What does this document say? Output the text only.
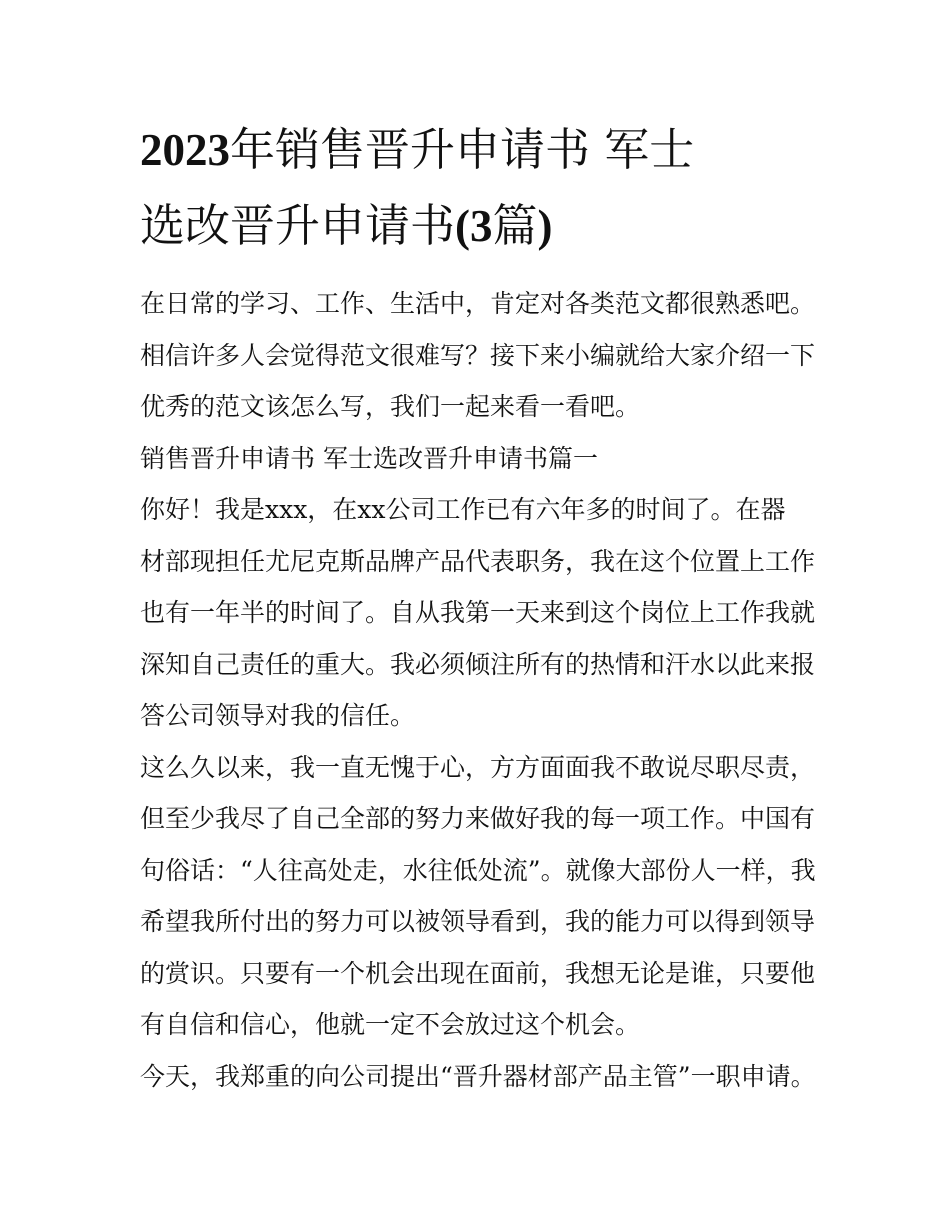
2023年销售晋升申请书 军士
选改晋升申请书(3篇)
在日常的学习、工作、生活中，肯定对各类范文都很熟悉吧。
相信许多人会觉得范文很难写？接下来小编就给大家介绍一下
优秀的范文该怎么写，我们一起来看一看吧。
销售晋升申请书 军士选改晋升申请书篇一
你好！我是xxx，在xx公司工作已有六年多的时间了。在器
材部现担任尤尼克斯品牌产品代表职务，我在这个位置上工作
也有一年半的时间了。自从我第一天来到这个岗位上工作我就
深知自己责任的重大。我必须倾注所有的热情和汗水以此来报
答公司领导对我的信任。
这么久以来，我一直无愧于心，方方面面我不敢说尽职尽责，
但至少我尽了自己全部的努力来做好我的每一项工作。中国有
句俗话：“人往高处走，水往低处流”。就像大部份人一样，我
希望我所付出的努力可以被领导看到，我的能力可以得到领导
的赏识。只要有一个机会出现在面前，我想无论是谁，只要他
有自信和信心，他就一定不会放过这个机会。
今天，我郑重的向公司提出“晋升器材部产品主管”一职申请。
